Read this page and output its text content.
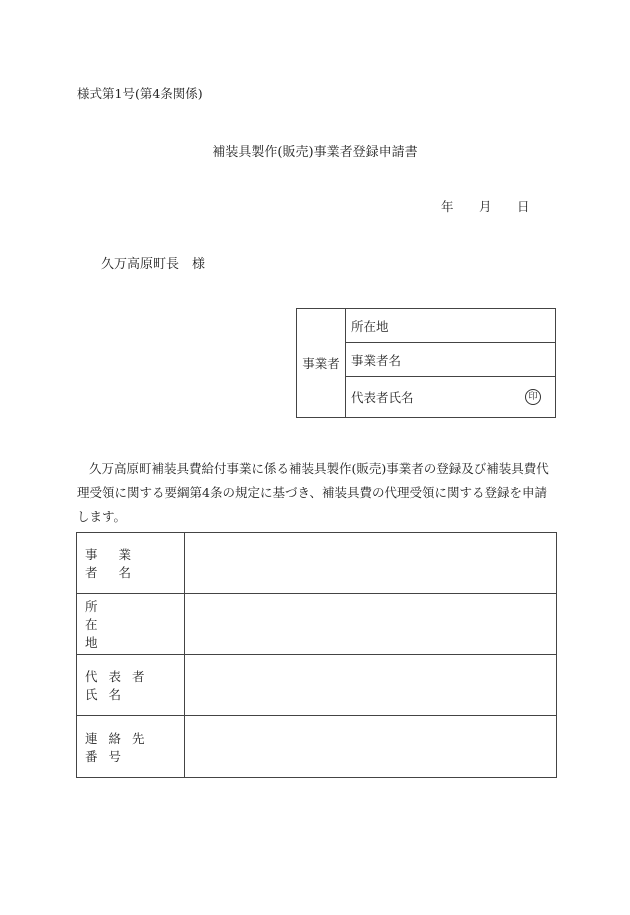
様式第1号(第4条関係)
補装具製作(販売)事業者登録申請書
年 月 日
久万高原町長　様
事業者
所在地
事業者名
代表者氏名	印
久万高原町補装具費給付事業に係る補装具製作(販売)事業者の登録及び補装具費代理受領に関する要綱第4条の規定に基づき、補装具費の代理受領に関する登録を申請します。
事業者名
所在地
代表者氏名
連絡先番号
